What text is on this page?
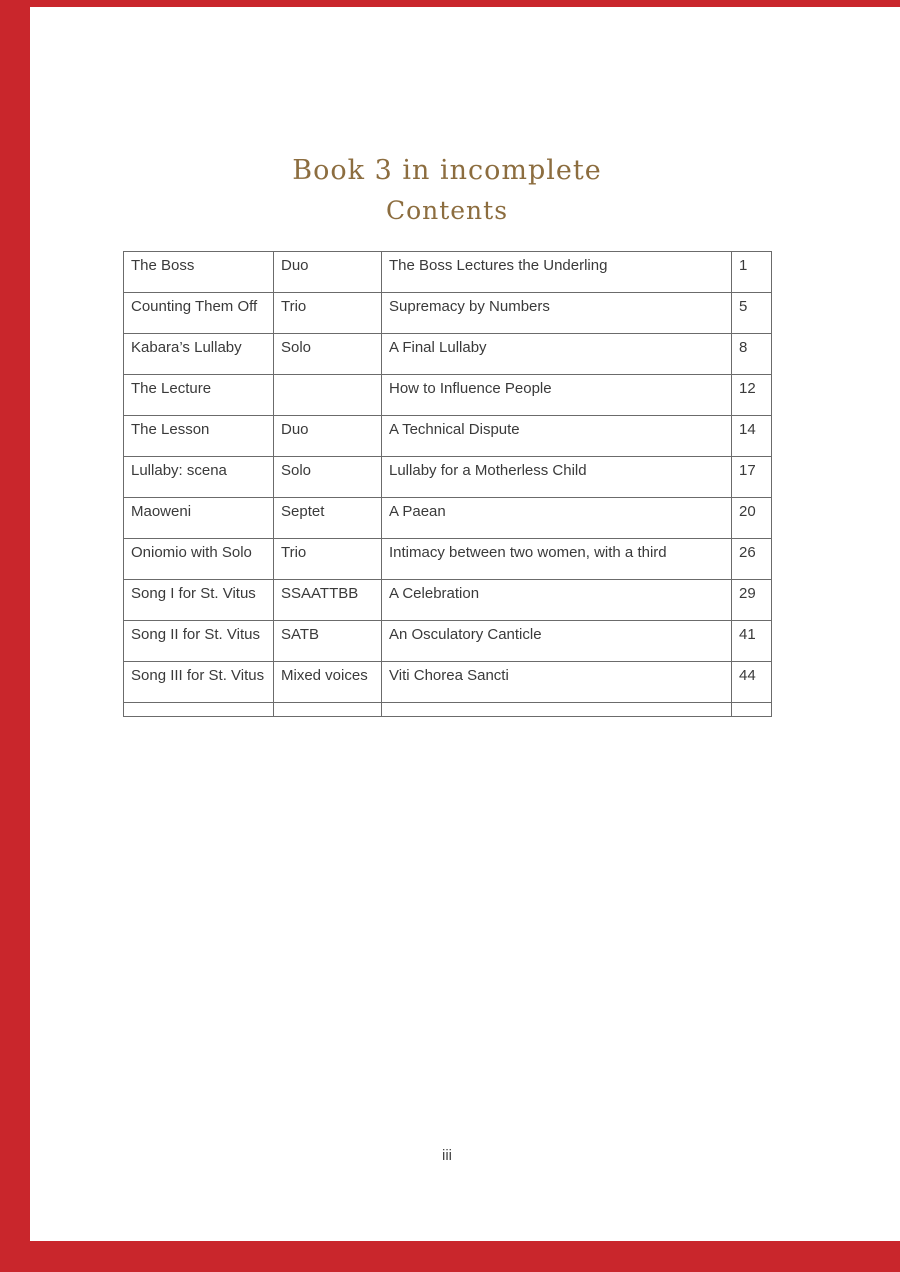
Book 3 in incomplete
Contents
The Boss	Duo	The Boss Lectures the Underling	1
Counting Them Off	Trio	Supremacy by Numbers	5
Kabara’s Lullaby	Solo	A Final Lullaby	8
The Lecture		How to Influence People	12
The Lesson	Duo	A Technical Dispute	14
Lullaby: scena	Solo	Lullaby for a Motherless Child	17
Maoweni	Septet	A Paean	20
Oniomio with Solo	Trio	Intimacy between two women, with a third	26
Song I for St. Vitus	SSAATTBB	A Celebration	29
Song II for St. Vitus	SATB	An Osculatory Canticle	41
Song III for St. Vitus	Mixed voices	Viti Chorea Sancti	44

iii
